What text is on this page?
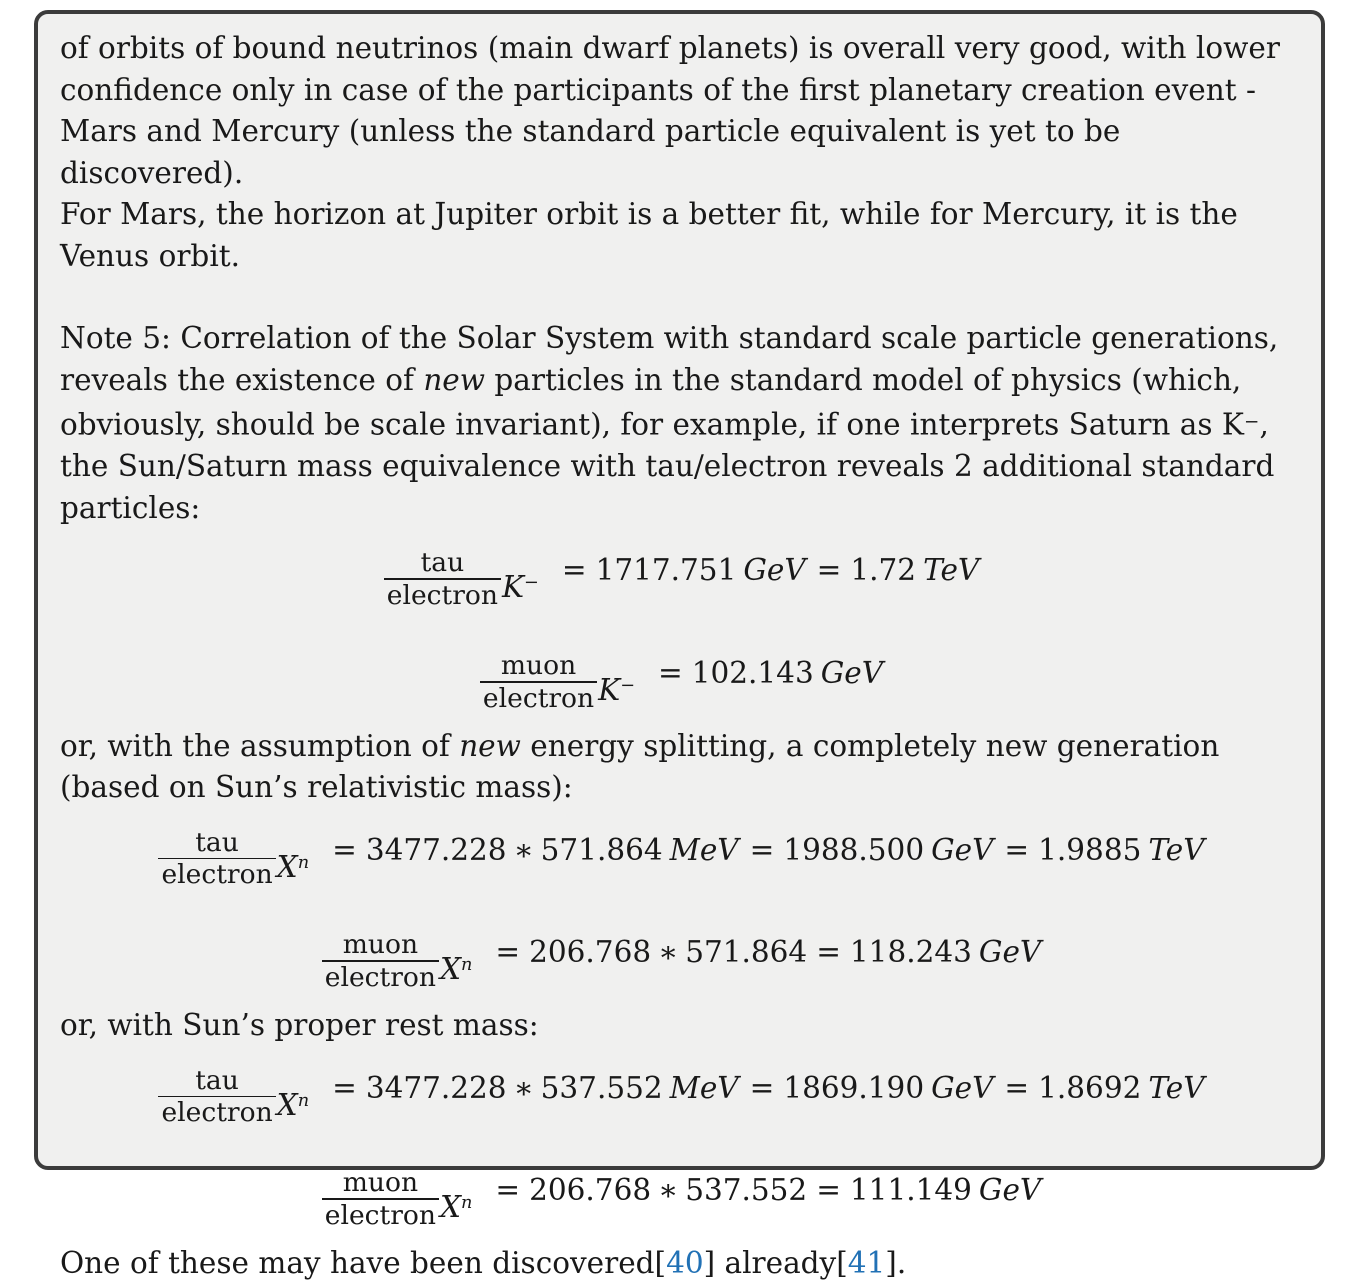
of orbits of bound neutrinos (main dwarf planets) is overall very good, with lower confidence only in case of the participants of the first planetary creation event - Mars and Mercury (unless the standard particle equivalent is yet to be discovered).

For Mars, the horizon at Jupiter orbit is a better fit, while for Mercury, it is the Venus orbit.

Note 5: Correlation of the Solar System with standard scale particle generations, reveals the existence of new particles in the standard model of physics (which, obviously, should be scale invariant), for example, if one interprets Saturn as K−, the Sun/Saturn mass equivalence with tau/electron reveals 2 additional standard particles:

$\frac{\text{tau}}{\text{electron}} K^- = 1717.751$ GeV = 1.72 TeV
$\frac{\text{muon}}{\text{electron}} K^- = 102.143$ GeV

or, with the assumption of new energy splitting, a completely new generation (based on Sun’s relativistic mass):

$\frac{\text{tau}}{\text{electron}} X^n = 3477.228$ ∗ 571.864 MeV = 1988.500 GeV = 1.9885 TeV
$\frac{\text{muon}}{\text{electron}} X^n = 206.768$ ∗ 571.864 = 118.243 GeV

or, with Sun’s proper rest mass:

$\frac{\text{tau}}{\text{electron}} X^n = 3477.228$ ∗ 537.552 MeV = 1869.190 GeV = 1.8692 TeV
$\frac{\text{muon}}{\text{electron}} X^n = 206.768$ ∗ 537.552 = 111.149 GeV

One of these may have been discovered[40] already[41].
